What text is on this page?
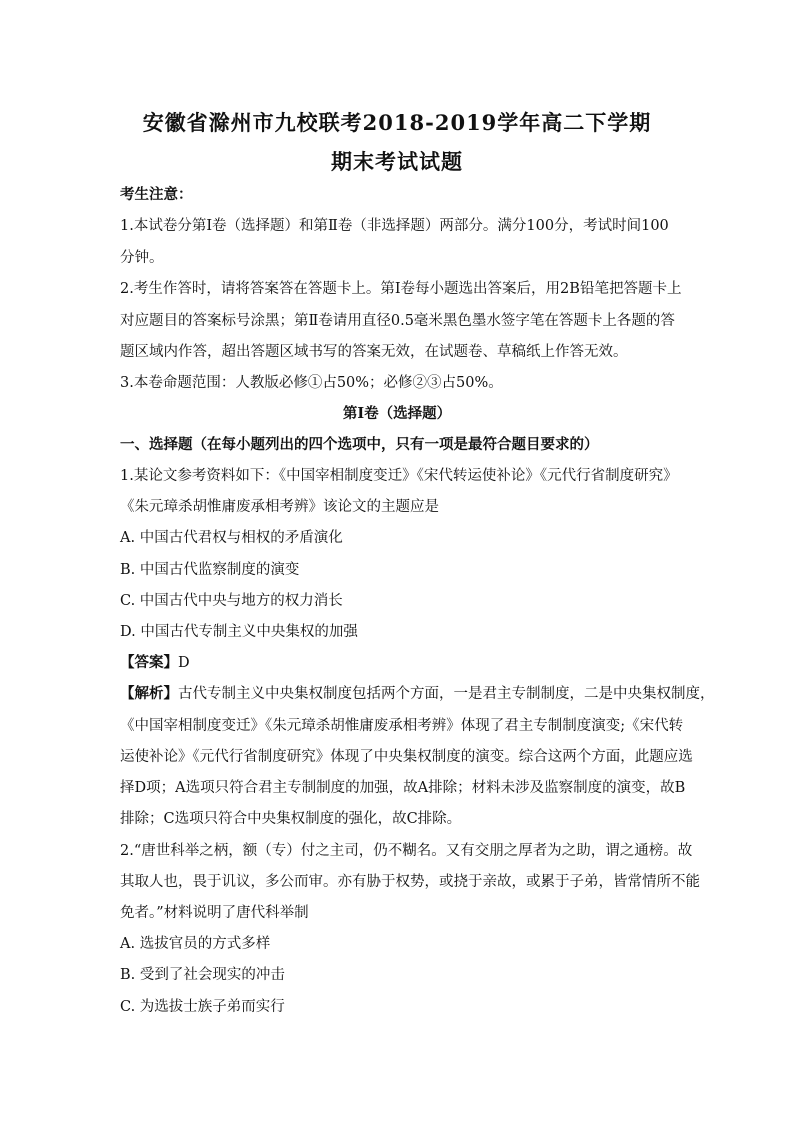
安徽省滁州市九校联考2018-2019学年高二下学期
期末考试试题
考生注意：
1.本试卷分第Ⅰ卷（选择题）和第Ⅱ卷（非选择题）两部分。满分100分，考试时间100
分钟。
2.考生作答时，请将答案答在答题卡上。第Ⅰ卷每小题选出答案后，用2B铅笔把答题卡上
对应题目的答案标号涂黑；第Ⅱ卷请用直径0.5毫米黑色墨水签字笔在答题卡上各题的答
题区域内作答，超出答题区域书写的答案无效，在试题卷、草稿纸上作答无效。
3.本卷命题范围：人教版必修①占50%；必修②③占50%。
第Ⅰ卷（选择题）
一、选择题（在每小题列出的四个选项中，只有一项是最符合题目要求的）
1.某论文参考资料如下：《中国宰相制度变迁》《宋代转运使补论》《元代行省制度研究》
《朱元璋杀胡惟庸废承相考辨》该论文的主题应是
A. 中国古代君权与相权的矛盾演化
B. 中国古代监察制度的演变
C. 中国古代中央与地方的权力消长
D. 中国古代专制主义中央集权的加强
【答案】D
【解析】古代专制主义中央集权制度包括两个方面，一是君主专制制度，二是中央集权制度，
《中国宰相制度变迁》《朱元璋杀胡惟庸废承相考辨》体现了君主专制制度演变;《宋代转
运使补论》《元代行省制度研究》体现了中央集权制度的演变。综合这两个方面，此题应选
择D项；A选项只符合君主专制制度的加强，故A排除；材料未涉及监察制度的演变，故B
排除；C选项只符合中央集权制度的强化，故C排除。
2.“唐世科举之柄，额（专）付之主司，仍不糊名。又有交朋之厚者为之助，谓之通榜。故
其取人也，畏于讥议，多公而审。亦有胁于权势，或挠于亲故，或累于子弟，皆常情所不能
免者。”材料说明了唐代科举制
A. 选拔官员的方式多样
B. 受到了社会现实的冲击
C. 为选拔士族子弟而实行
